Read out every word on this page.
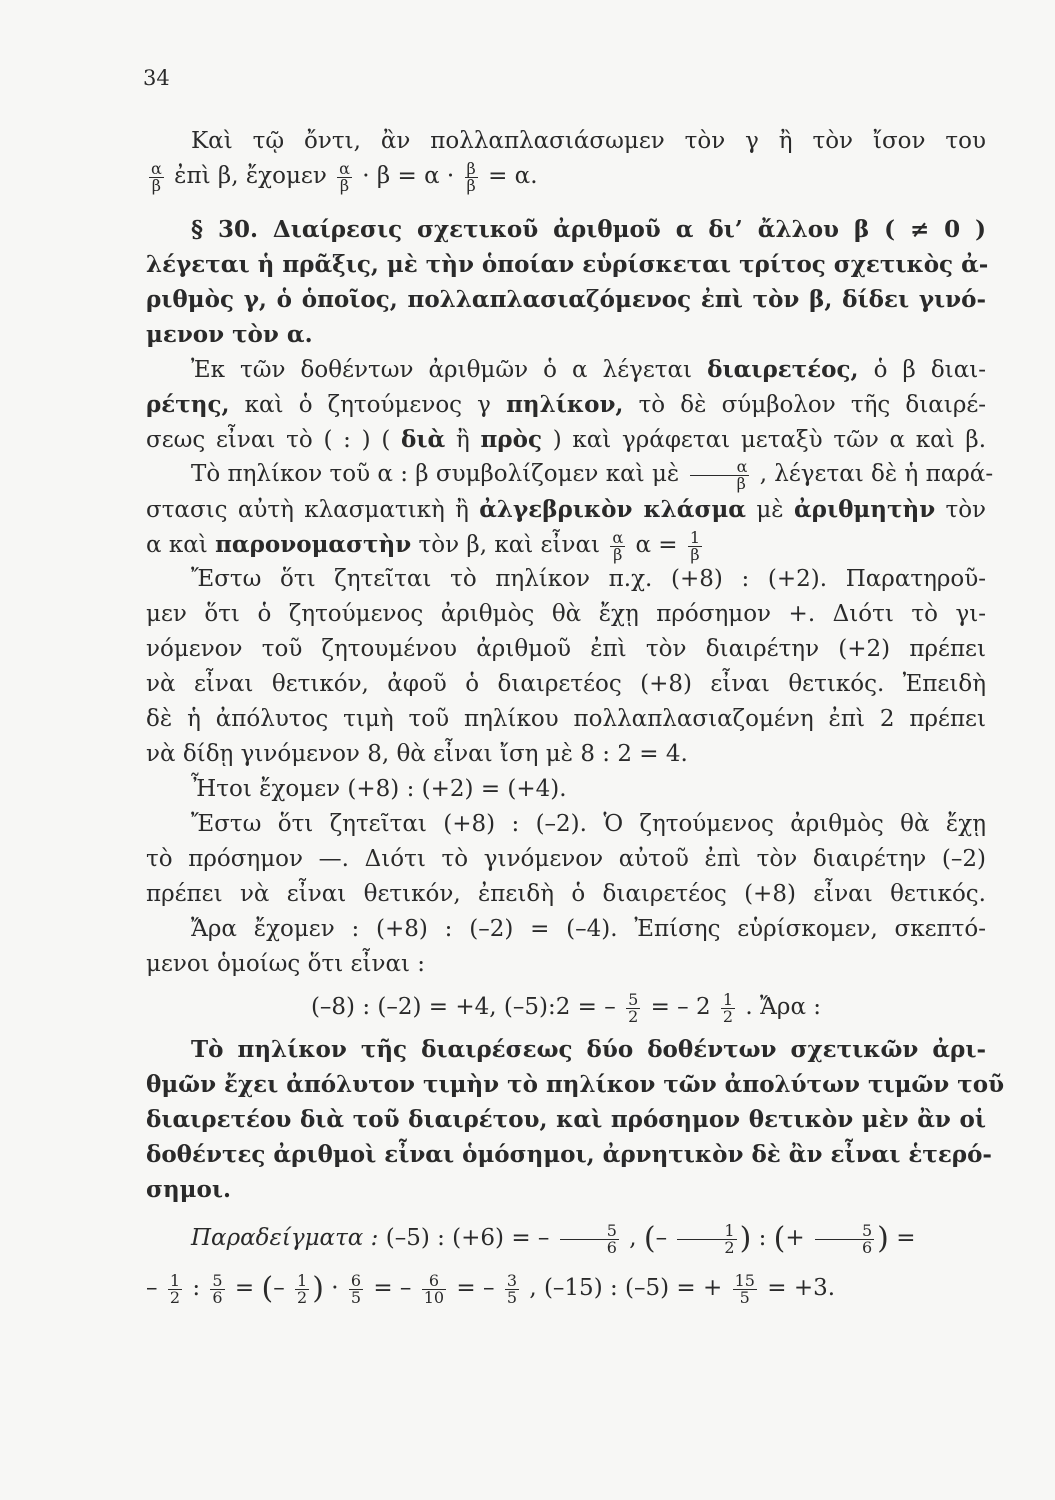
34
Καὶ τῷ ὄντι, ἂν πολλαπλασιάσωμεν τὸν γ ἢ τὸν ἴσον του
$\frac{\alpha}{\beta}$ ἐπὶ β, ἔχομεν $\frac{\alpha}{\beta} \cdot \beta = \alpha \cdot \frac{\beta}{\beta} = \alpha$.
§ 30. Διαίρεσις σχετικοῦ ἀριθμοῦ α δι’ ἄλλου β ( ≠ 0 )
λέγεται ἡ πρᾶξις, μὲ τὴν ὁποίαν εὑρίσκεται τρίτος σχετικὸς ἀ-
ριθμὸς γ, ὁ ὁποῖος, πολλαπλασιαζόμενος ἐπὶ τὸν β, δίδει γινό-
μενον τὸν α.
Ἐκ τῶν δοθέντων ἀριθμῶν ὁ α λέγεται διαιρετέος, ὁ β διαι-
ρέτης, καὶ ὁ ζητούμενος γ πηλίκον, τὸ δὲ σύμβολον τῆς διαιρέ-
σεως εἶναι τὸ ( : ) ( διὰ ἢ πρὸς ) καὶ γράφεται μεταξὺ τῶν α καὶ β.
Τὸ πηλίκον τοῦ α : β συμβολίζομεν καὶ μὲ $\frac{\alpha}{\beta}$ , λέγεται δὲ ἡ παρά-
στασις αὐτὴ κλασματικὴ ἢ ἀλγεβρικὸν κλάσμα μὲ ἀριθμητὴν τὸν
α καὶ παρονομαστὴν τὸν β, καὶ εἶναι $\frac{\alpha}{\beta}$ $\alpha = \frac{1}{\beta}$
Ἔστω ὅτι ζητεῖται τὸ πηλίκον π.χ. (+8) : (+2). Παρατηροῦ-
μεν ὅτι ὁ ζητούμενος ἀριθμὸς θὰ ἔχῃ πρόσημον +. Διότι τὸ γι-
νόμενον τοῦ ζητουμένου ἀριθμοῦ ἐπὶ τὸν διαιρέτην (+2) πρέπει
νὰ εἶναι θετικόν, ἀφοῦ ὁ διαιρετέος (+8) εἶναι θετικός. Ἐπειδὴ
δὲ ἡ ἀπόλυτος τιμὴ τοῦ πηλίκου πολλαπλασιαζομένη ἐπὶ 2 πρέπει
νὰ δίδῃ γινόμενον 8, θὰ εἶναι ἴση μὲ 8 : 2 = 4.
Ἦτοι ἔχομεν (+8) : (+2) = (+4).
Ἔστω ὅτι ζητεῖται (+8) : (–2). Ὁ ζητούμενος ἀριθμὸς θὰ ἔχῃ
τὸ πρόσημον —. Διότι τὸ γινόμενον αὐτοῦ ἐπὶ τὸν διαιρέτην (–2)
πρέπει νὰ εἶναι θετικόν, ἐπειδὴ ὁ διαιρετέος (+8) εἶναι θετικός.
Ἄρα ἔχομεν : (+8) : (–2) = (–4). Ἐπίσης εὑρίσκομεν, σκεπτό-
μενοι ὁμοίως ὅτι εἶναι :
(–8) : (–2) = +4, (–5):2 = – $\frac{5}{2}$ = – $2 \frac{1}{2}$ . Ἄρα :
Τὸ πηλίκον τῆς διαιρέσεως δύο δοθέντων σχετικῶν ἀρι-
θμῶν ἔχει ἀπόλυτον τιμὴν τὸ πηλίκον τῶν ἀπολύτων τιμῶν τοῦ
διαιρετέου διὰ τοῦ διαιρέτου, καὶ πρόσημον θετικὸν μὲν ἂν οἱ
δοθέντες ἀριθμοὶ εἶναι ὁμόσημοι, ἀρνητικὸν δὲ ἂν εἶναι ἑτερό-
σημοι.
Παραδείγματα : (–5) : (+6) = – $\frac{5}{6}$ , (– $\frac{1}{2}$ ) : (+ $\frac{5}{6}$ ) =
– $\frac{1}{2}$ : $\frac{5}{6}$ = (– $\frac{1}{2}$ ) · $\frac{6}{5}$ = – $\frac{6}{10}$ = – $\frac{3}{5}$ , (–15) : (–5) = + $\frac{15}{5} = +3$.
